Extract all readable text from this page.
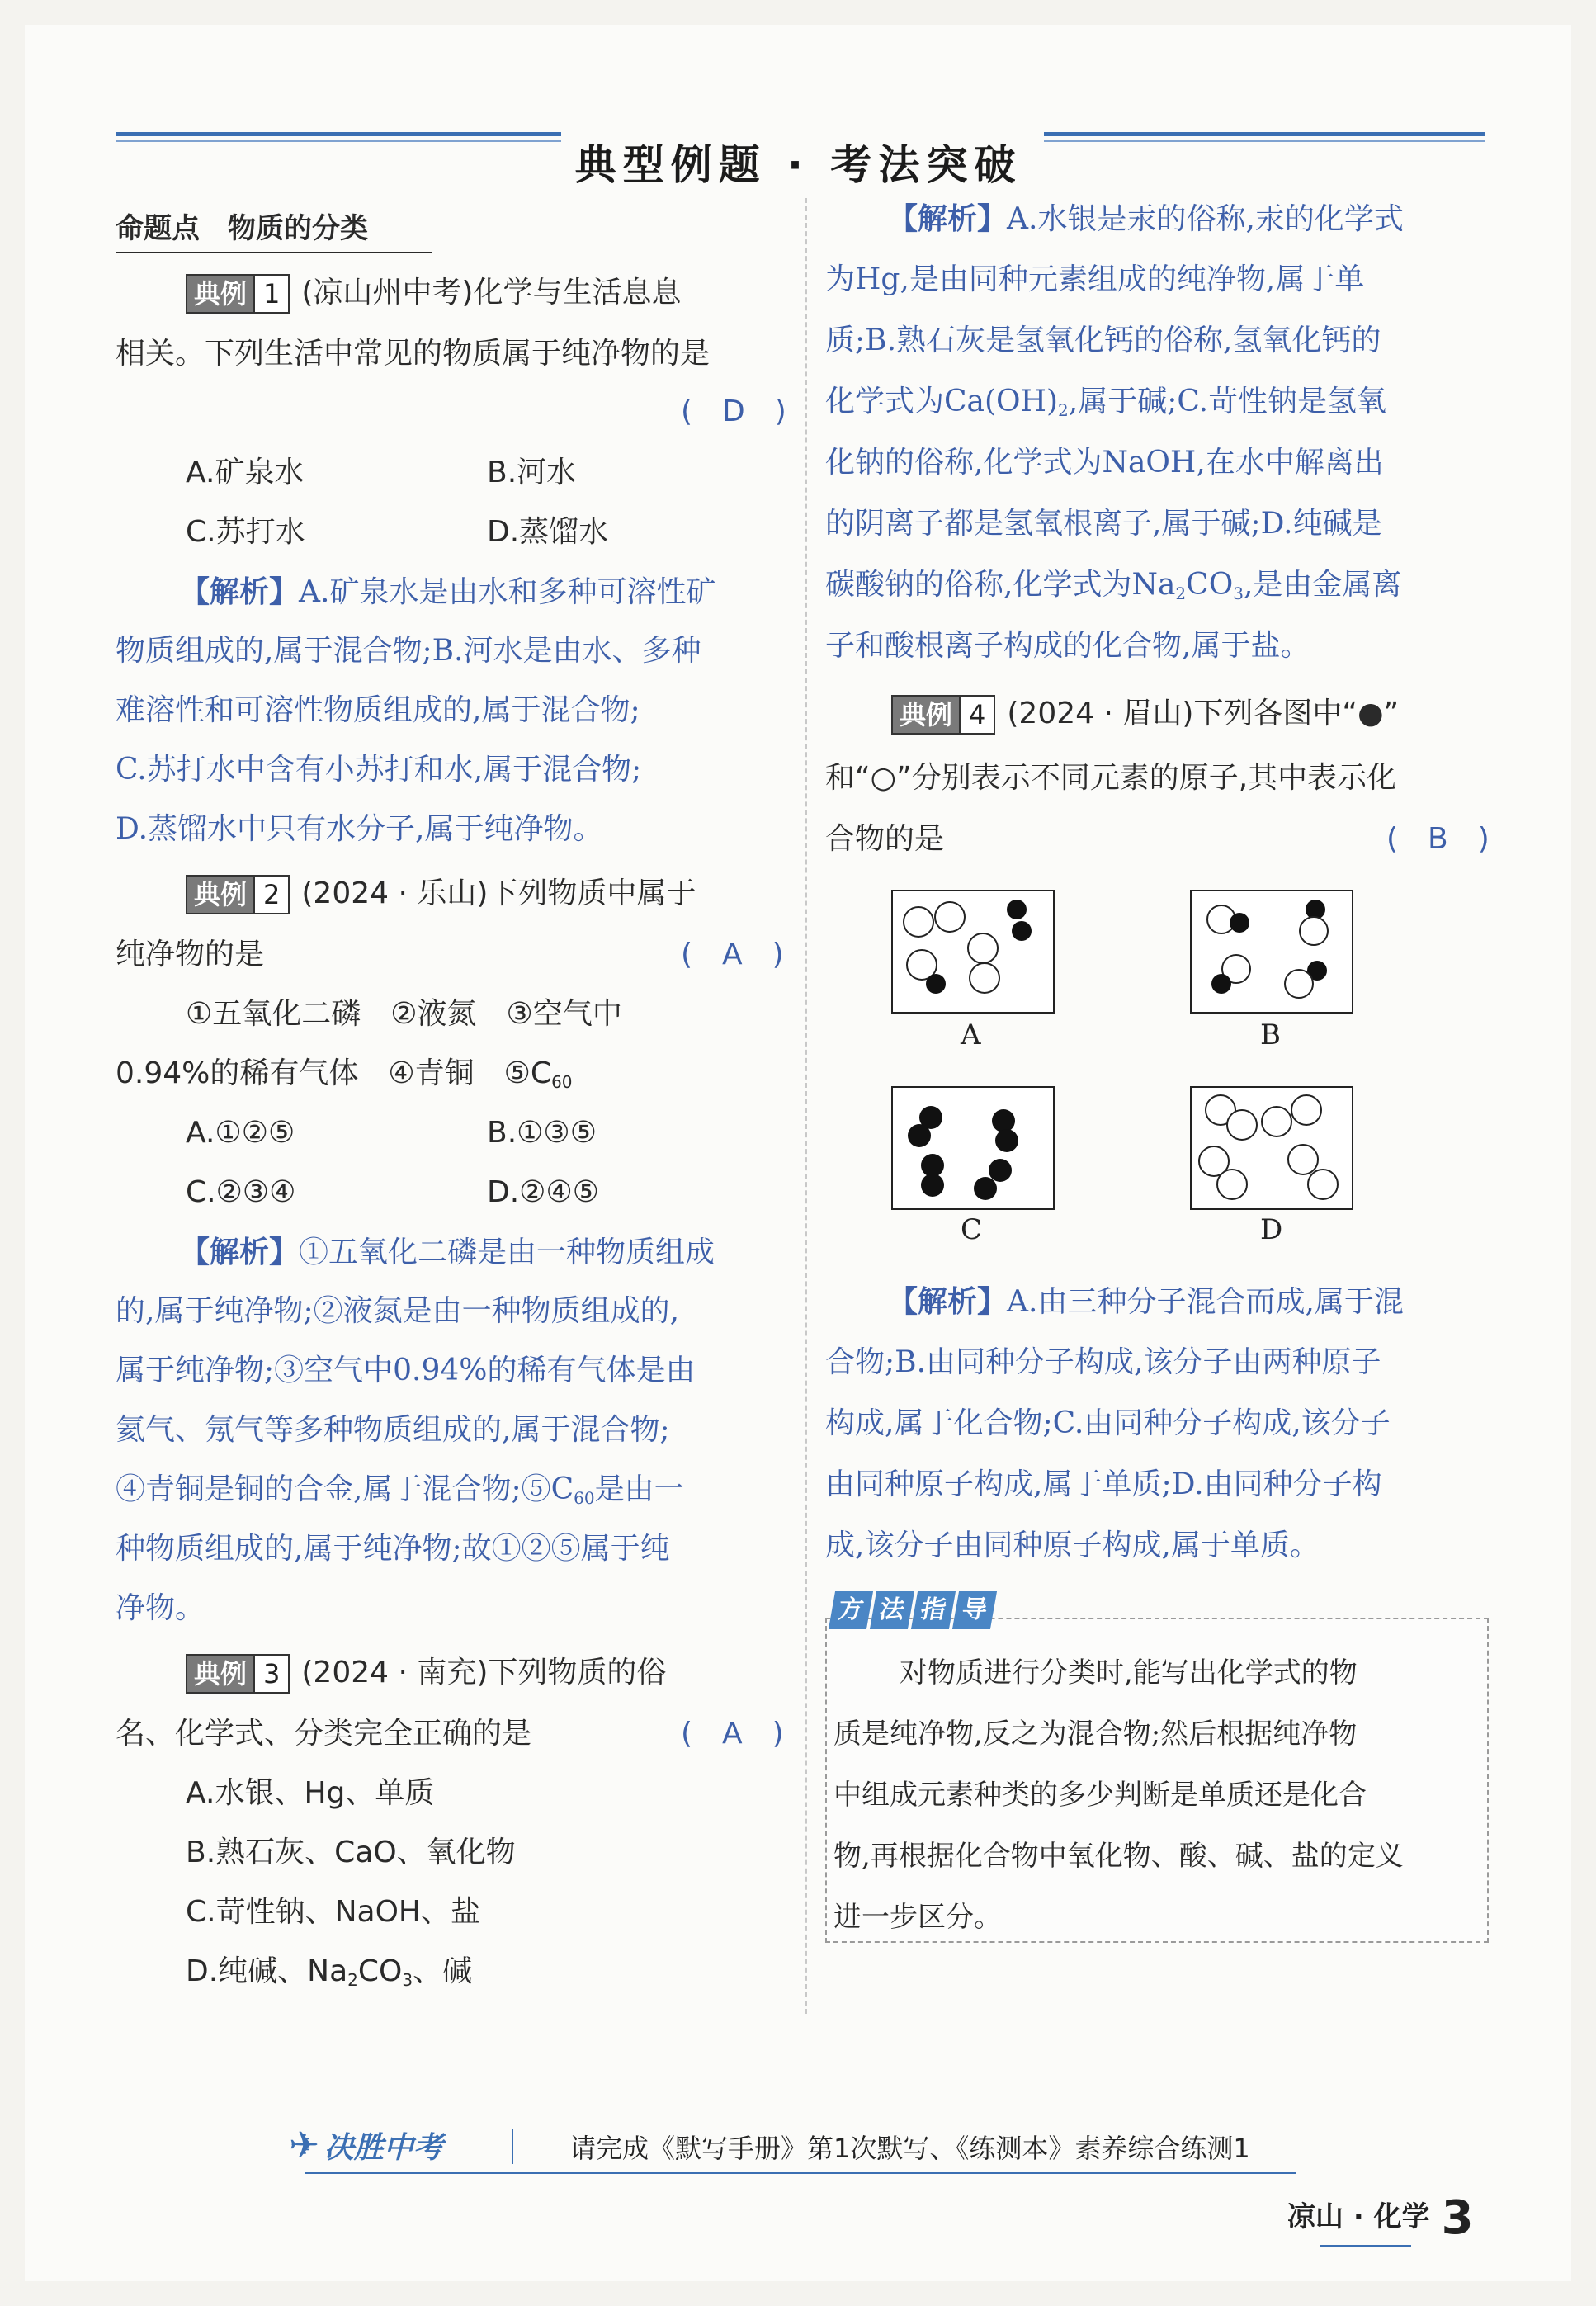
典型例题 · 考法突破
命题点　物质的分类
典例 1 (凉山州中考)化学与生活息息
相关。下列生活中常见的物质属于纯净物的是
(　D　)
A.矿泉水	B.河水
C.苏打水	D.蒸馏水
【解析】A.矿泉水是由水和多种可溶性矿
物质组成的,属于混合物;B.河水是由水、多种
难溶性和可溶性物质组成的,属于混合物;
C.苏打水中含有小苏打和水,属于混合物;
D.蒸馏水中只有水分子,属于纯净物。
典例 2 (2024 · 乐山)下列物质中属于
纯净物的是	(　A　)
①五氧化二磷　②液氮　③空气中
0.94%的稀有气体　④青铜　$⑤C_{60}$
A.①②⑤	B.①③⑤
C.②③④	D.②④⑤
【解析】①五氧化二磷是由一种物质组成
的,属于纯净物;②液氮是由一种物质组成的,
属于纯净物;③空气中0.94%的稀有气体是由
氦气、氖气等多种物质组成的,属于混合物;
④青铜是铜的合金,属于混合物$;⑤C_{60}$是由一
种物质组成的,属于纯净物;故①②⑤属于纯
净物。
典例 3 (2024 · 南充)下列物质的俗
名、化学式、分类完全正确的是	(　A　)
A.水银、Hg、单质
B.熟石灰、CaO、氧化物
C.苛性钠、NaOH、盐
D.纯碱、$Na_2CO_3$、碱
【解析】A.水银是汞的俗称,汞的化学式
为Hg,是由同种元素组成的纯净物,属于单
质;B.熟石灰是氢氧化钙的俗称,氢氧化钙的
化学式为$Ca(OH)_2$,属于碱;C.苛性钠是氢氧
化钠的俗称,化学式为NaOH,在水中解离出
的阴离子都是氢氧根离子,属于碱;D.纯碱是
碳酸钠的俗称,化学式为$Na_2CO_3$,是由金属离
子和酸根离子构成的化合物,属于盐。
典例 4 (2024 · 眉山)下列各图中“●”
和“○”分别表示不同元素的原子,其中表示化
合物的是	(　B　)
A	B
C	D
【解析】A.由三种分子混合而成,属于混
合物;B.由同种分子构成,该分子由两种原子
构成,属于化合物;C.由同种分子构成,该分子
由同种原子构成,属于单质;D.由同种分子构
成,该分子由同种原子构成,属于单质。
方 法 指 导
对物质进行分类时,能写出化学式的物
质是纯净物,反之为混合物;然后根据纯净物
中组成元素种类的多少判断是单质还是化合
物,再根据化合物中氧化物、酸、碱、盐的定义
进一步区分。
✈ 决胜中考	请完成《默写手册》第1次默写、《练测本》素养综合练测1
凉山 · 化学 3
